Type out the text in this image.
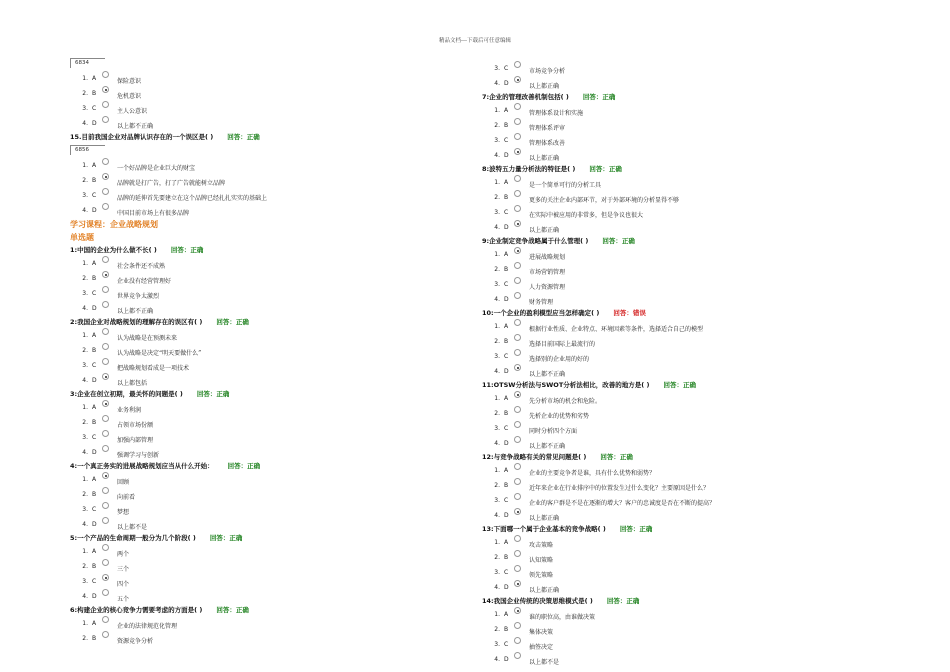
精品文档---下载后可任意编辑
6834
1. A	保险意识
2. B	危机意识
3. C	主人公意识
4. D	以上都不正确
15.目前我国企业对品牌认识存在的一个误区是( ) 回答：正确
6856
1. A	一个好品牌是企业巨大的财宝
2. B	品牌就是打广告，打了广告就能树立品牌
3. C	品牌的延伸首先要建立在这个品牌已经扎扎实实的基础上
4. D	中国目前市场上有很多品牌
学习课程：企业战略规划
单选题
1:中国的企业为什么做不长( ) 回答：正确
1. A	社会条件还不成熟
2. B	企业没有经营管理好
3. C	世界竞争太激烈
4. D	以上都不正确
2:我国企业对战略规划的理解存在的误区有( ) 回答：正确
1. A	认为战略是在预测未来
2. B	认为战略是决定“明天要做什么”
3. C	把战略规划看成是一项技术
4. D	以上都包括
3:企业在创立初期，最关怀的问题是( ) 回答：正确
1. A	业务利润
2. B	占领市场份额
3. C	加强内部管理
4. D	强调学习与创新
4:一个真正务实的进展战略规划应当从什么开始： 回答：正确
1. A	回顾
2. B	向前看
3. C	梦想
4. D	以上都不是
5:一个产品的生命周期一般分为几个阶段( ) 回答：正确
1. A	两个
2. B	三个
3. C	四个
4. D	五个
6:构建企业的核心竞争力需要考虑的方面是( ) 回答：正确
1. A	企业的法律规范化管理
2. B	资源竞争分析
3. C	市场竞争分析
4. D	以上都正确
7:企业的管理改善机制包括( ) 回答：正确
1. A	管理体系设计和实施
2. B	管理体系评审
3. C	管理体系改善
4. D	以上都正确
8:波特五力量分析法的特征是( ) 回答：正确
1. A	是一个简单可行的分析工具
2. B	更多的关注企业内部环节，对于外部环境的分析显得不够
3. C	在实际中被应用的非常多，但是争议也很大
4. D	以上都正确
9:企业制定竞争战略属于什么管理( ) 回答：正确
1. A	进展战略规划
2. B	市场营销管理
3. C	人力资源管理
4. D	财务管理
10:一个企业的盈利模型应当怎样确定( ) 回答：错误
1. A	根据行业性质、企业特点、环境因素等条件，选择适合自己的模型
2. B	选择目前国际上最流行的
3. C	选择别的企业用的好的
4. D	以上都不正确
11:OTSW分析法与SWOT分析法相比，改善的地方是( ) 回答：正确
1. A	先分析市场的机会和危险。
2. B	先析企业的优势和劣势
3. C	同时分析四个方面
4. D	以上都不正确
12:与竞争战略有关的常见问题是( ) 回答：正确
1. A	企业的主要竞争者是谁，具有什么优势和弱势？
2. B	近年来企业在行业排序中的位置发生过什么变化？主要原因是什么？
3. C	企业的客户群是不是在逐渐的增大？客户的忠诚度是否在不断的提高？
4. D	以上都正确
13:下面哪一个属于企业基本的竞争战略( ) 回答：正确
1. A	攻击策略
2. B	认知策略
3. C	领先策略
4. D	以上都正确
14:我国企业传统的决策思维模式是( ) 回答：正确
1. A	谁的职位高，由谁做决策
2. B	集体决策
3. C	抽签决定
4. D	以上都不是
